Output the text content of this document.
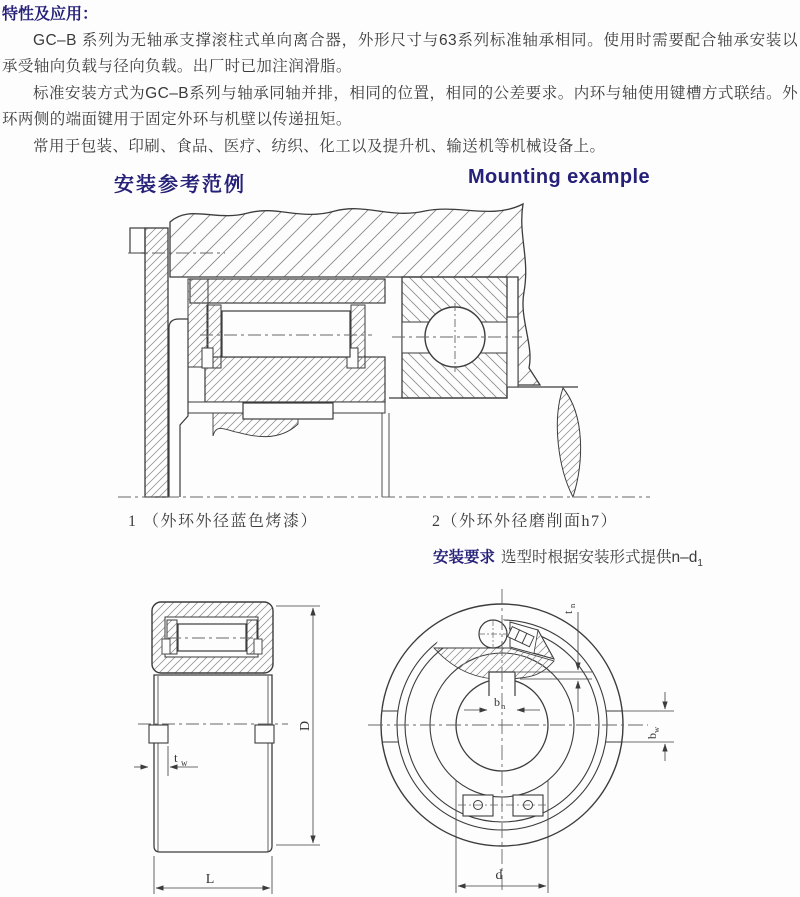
特性及应用：

GC–B 系列为无轴承支撑滚柱式单向离合器，外形尺寸与63系列标准轴承相同。使用时需要配合轴承安装以承受轴向负载与径向负载。出厂时已加注润滑脂。

标准安装方式为GC–B系列与轴承同轴并排，相同的位置，相同的公差要求。内环与轴使用键槽方式联结。外环两侧的端面键用于固定外环与机壁以传递扭矩。

常用于包装、印刷、食品、医疗、纺织、化工以及提升机、输送机等机械设备上。

安装参考范例	Mounting example
1 （外环外径蓝色烤漆）	2（外环外径磨削面h7）
安装要求 选型时根据安装形式提供$n-d_1$
t w
D
L
t
n
b n
b
w
d
